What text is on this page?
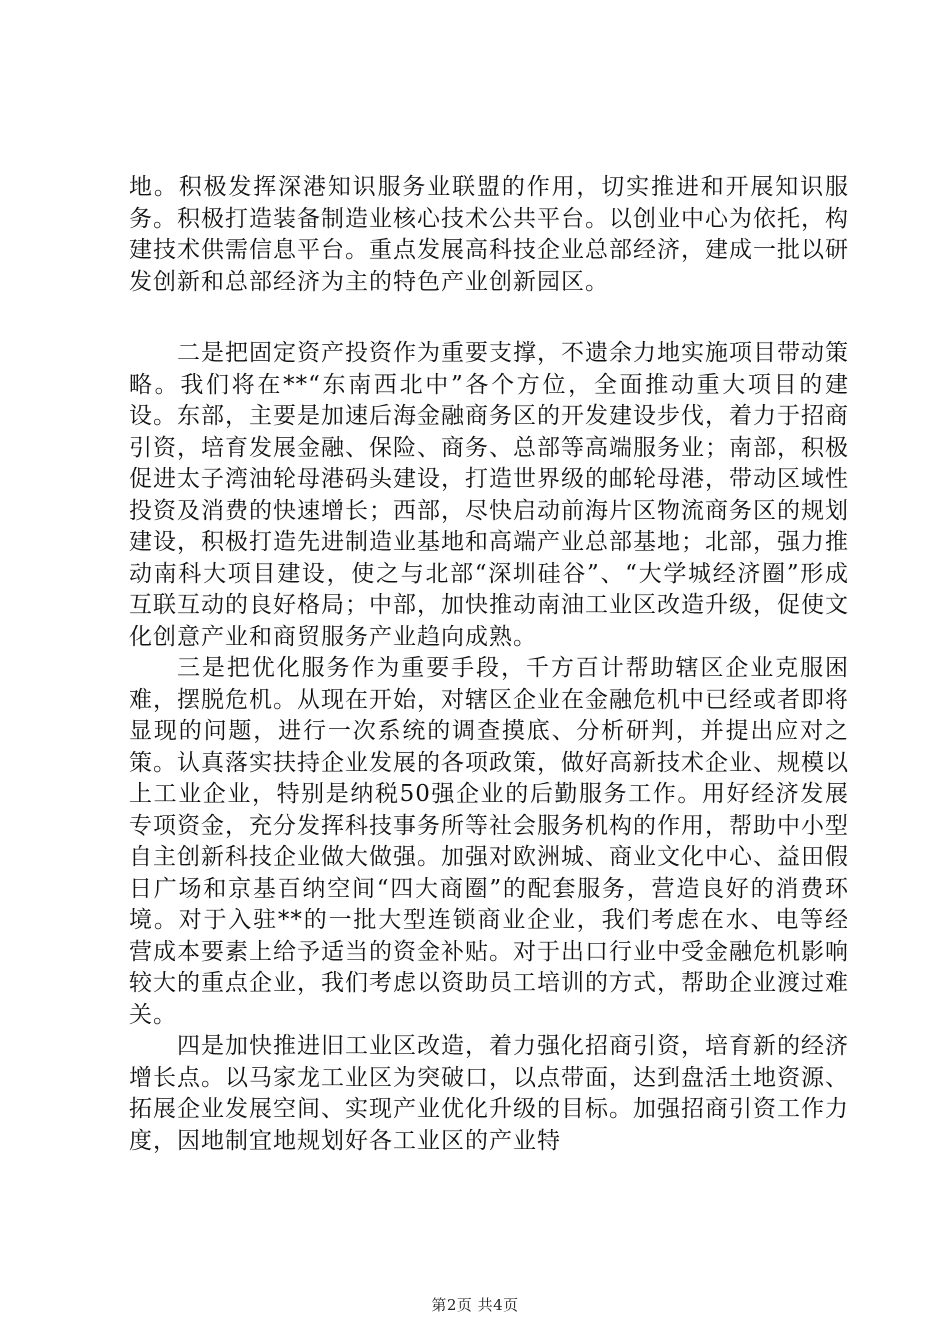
地。积极发挥深港知识服务业联盟的作用，切实推进和开展知识服务。积极打造装备制造业核心技术公共平台。以创业中心为依托，构建技术供需信息平台。重点发展高科技企业总部经济，建成一批以研发创新和总部经济为主的特色产业创新园区。

二是把固定资产投资作为重要支撑，不遗余力地实施项目带动策略。我们将在**“东南西北中”各个方位，全面推动重大项目的建设。东部，主要是加速后海金融商务区的开发建设步伐，着力于招商引资，培育发展金融、保险、商务、总部等高端服务业；南部，积极促进太子湾油轮母港码头建设，打造世界级的邮轮母港，带动区域性投资及消费的快速增长；西部，尽快启动前海片区物流商务区的规划建设，积极打造先进制造业基地和高端产业总部基地；北部，强力推动南科大项目建设，使之与北部“深圳硅谷”、“大学城经济圈”形成互联互动的良好格局；中部，加快推动南油工业区改造升级，促使文化创意产业和商贸服务产业趋向成熟。

三是把优化服务作为重要手段，千方百计帮助辖区企业克服困难，摆脱危机。从现在开始，对辖区企业在金融危机中已经或者即将显现的问题，进行一次系统的调查摸底、分析研判，并提出应对之策。认真落实扶持企业发展的各项政策，做好高新技术企业、规模以上工业企业，特别是纳税50强企业的后勤服务工作。用好经济发展专项资金，充分发挥科技事务所等社会服务机构的作用，帮助中小型自主创新科技企业做大做强。加强对欧洲城、商业文化中心、益田假日广场和京基百纳空间“四大商圈”的配套服务，营造良好的消费环境。对于入驻**的一批大型连锁商业企业，我们考虑在水、电等经营成本要素上给予适当的资金补贴。对于出口行业中受金融危机影响较大的重点企业，我们考虑以资助员工培训的方式，帮助企业渡过难关。

四是加快推进旧工业区改造，着力强化招商引资，培育新的经济增长点。以马家龙工业区为突破口，以点带面，达到盘活土地资源、拓展企业发展空间、实现产业优化升级的目标。加强招商引资工作力度，因地制宜地规划好各工业区的产业特

第2页 共4页
